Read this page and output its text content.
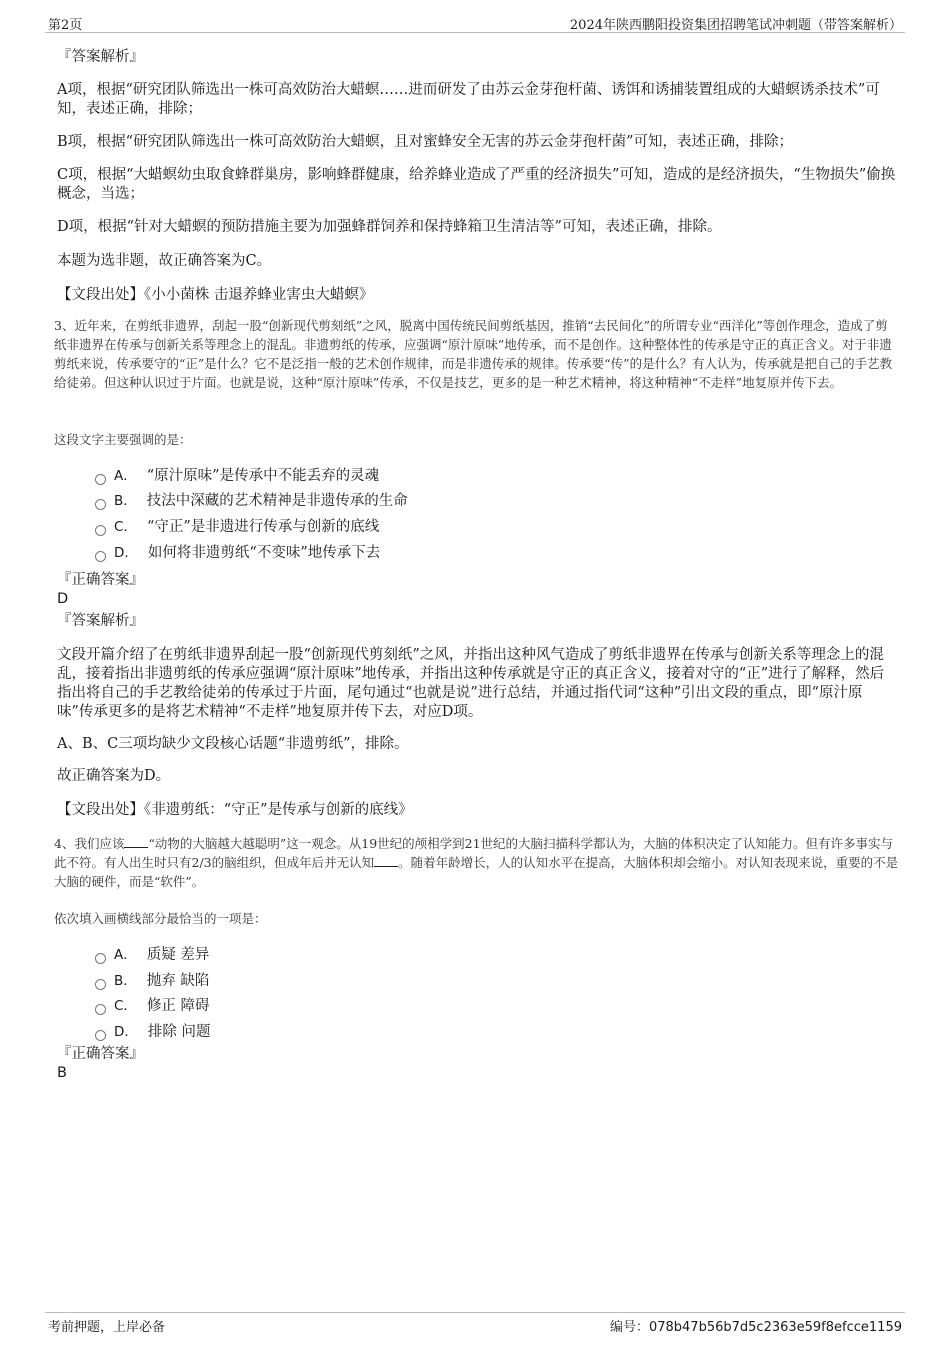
第2页	2024年陕西鹏阳投资集团招聘笔试冲刺题（带答案解析）

『答案解析』

A项，根据“研究团队筛选出一株可高效防治大蜡螟……进而研发了由苏云金芽孢杆菌、诱饵和诱捕装置组成的大蜡螟诱杀技术”可知，表述正确，排除；

B项，根据“研究团队筛选出一株可高效防治大蜡螟，且对蜜蜂安全无害的苏云金芽孢杆菌”可知，表述正确，排除；

C项，根据“大蜡螟幼虫取食蜂群巢房，影响蜂群健康，给养蜂业造成了严重的经济损失”可知，造成的是经济损失，“生物损失”偷换概念，当选；

D项，根据“针对大蜡螟的预防措施主要为加强蜂群饲养和保持蜂箱卫生清洁等”可知，表述正确，排除。

本题为选非题，故正确答案为C。

【文段出处】《小小菌株 击退养蜂业害虫大蜡螟》

3、近年来，在剪纸非遗界，刮起一股“创新现代剪刻纸”之风，脱离中国传统民间剪纸基因，推销“去民间化”的所谓专业“西洋化”等创作理念，造成了剪纸非遗界在传承与创新关系等理念上的混乱。非遗剪纸的传承，应强调“原汁原味”地传承，而不是创作。这种整体性的传承是守正的真正含义。对于非遗剪纸来说，传承要守的“正”是什么？它不是泛指一般的艺术创作规律，而是非遗传承的规律。传承要“传”的是什么？有人认为，传承就是把自己的手艺教给徒弟。但这种认识过于片面。也就是说，这种“原汁原味”传承，不仅是技艺，更多的是一种艺术精神，将这种精神“不走样”地复原并传下去。

这段文字主要强调的是：

A． “原汁原味”是传承中不能丢弃的灵魂
B． 技法中深藏的艺术精神是非遗传承的生命
C． “守正”是非遗进行传承与创新的底线
D． 如何将非遗剪纸“不变味”地传承下去

『正确答案』

D

『答案解析』

文段开篇介绍了在剪纸非遗界刮起一股“创新现代剪刻纸”之风，并指出这种风气造成了剪纸非遗界在传承与创新关系等理念上的混乱，接着指出非遗剪纸的传承应强调“原汁原味”地传承，并指出这种传承就是守正的真正含义，接着对守的“正”进行了解释，然后指出将自己的手艺教给徒弟的传承过于片面，尾句通过“也就是说”进行总结，并通过指代词“这种”引出文段的重点，即“原汁原味”传承更多的是将艺术精神“不走样”地复原并传下去，对应D项。

A、B、C三项均缺少文段核心话题“非遗剪纸”，排除。

故正确答案为D。

【文段出处】《非遗剪纸：“守正”是传承与创新的底线》

4、我们应该 “动物的大脑越大越聪明”这一观念。从19世纪的颅相学到21世纪的大脑扫描科学都认为，大脑的体积决定了认知能力。但有许多事实与此不符。有人出生时只有2/3的脑组织，但成年后并无认知 。随着年龄增长，人的认知水平在提高，大脑体积却会缩小。对认知表现来说，重要的不是大脑的硬件，而是“软件”。

依次填入画横线部分最恰当的一项是：

A． 质疑 差异
B． 抛弃 缺陷
C． 修正 障碍
D． 排除 问题

『正确答案』

B
考前押题，上岸必备	编号：078b47b56b7d5c2363e59f8efcce1159
